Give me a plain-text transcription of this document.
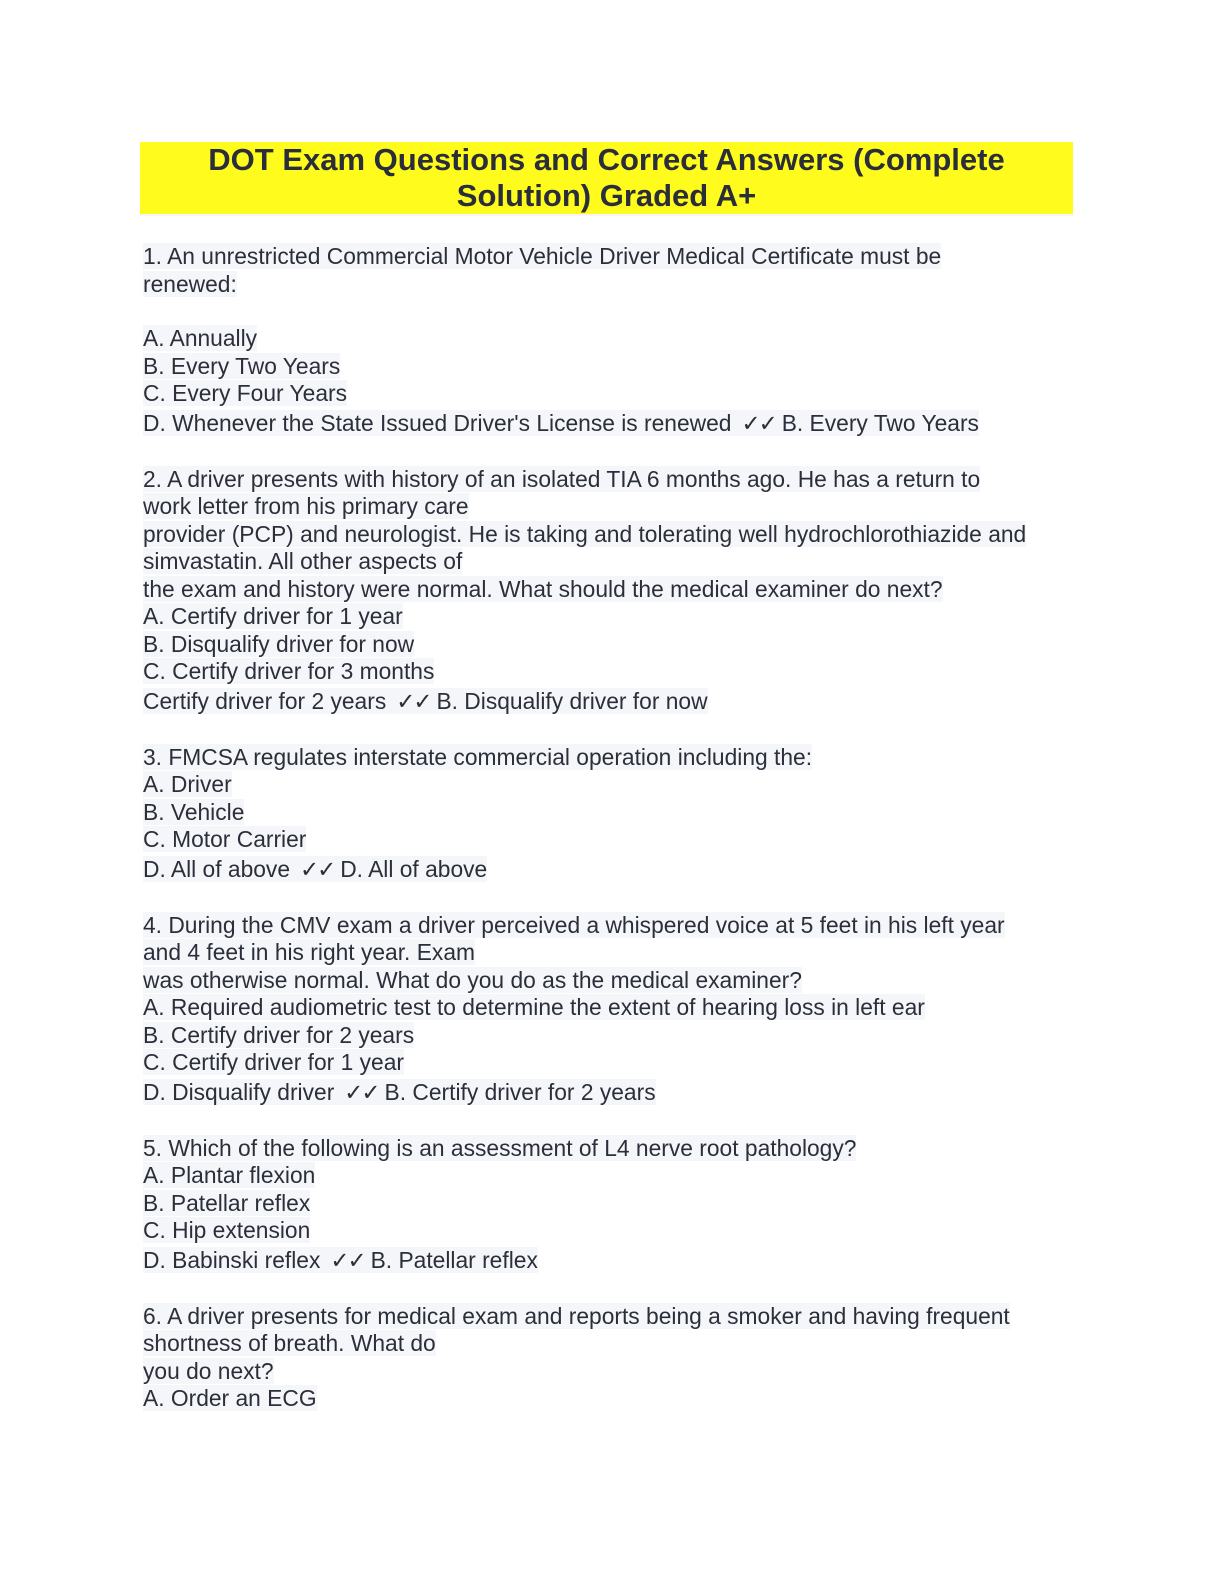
DOT Exam Questions and Correct Answers (Complete
Solution) Graded A+
1. An unrestricted Commercial Motor Vehicle Driver Medical Certificate must be
renewed:
A. Annually
B. Every Two Years
C. Every Four Years
D. Whenever the State Issued Driver's License is renewed ✓✓ B. Every Two Years
2. A driver presents with history of an isolated TIA 6 months ago. He has a return to
work letter from his primary care
provider (PCP) and neurologist. He is taking and tolerating well hydrochlorothiazide and
simvastatin. All other aspects of
the exam and history were normal. What should the medical examiner do next?
A. Certify driver for 1 year
B. Disqualify driver for now
C. Certify driver for 3 months
Certify driver for 2 years ✓✓ B. Disqualify driver for now
3. FMCSA regulates interstate commercial operation including the:
A. Driver
B. Vehicle
C. Motor Carrier
D. All of above ✓✓ D. All of above
4. During the CMV exam a driver perceived a whispered voice at 5 feet in his left year
and 4 feet in his right year. Exam
was otherwise normal. What do you do as the medical examiner?
A. Required audiometric test to determine the extent of hearing loss in left ear
B. Certify driver for 2 years
C. Certify driver for 1 year
D. Disqualify driver ✓✓ B. Certify driver for 2 years
5. Which of the following is an assessment of L4 nerve root pathology?
A. Plantar flexion
B. Patellar reflex
C. Hip extension
D. Babinski reflex ✓✓ B. Patellar reflex
6. A driver presents for medical exam and reports being a smoker and having frequent
shortness of breath. What do
you do next?
A. Order an ECG
